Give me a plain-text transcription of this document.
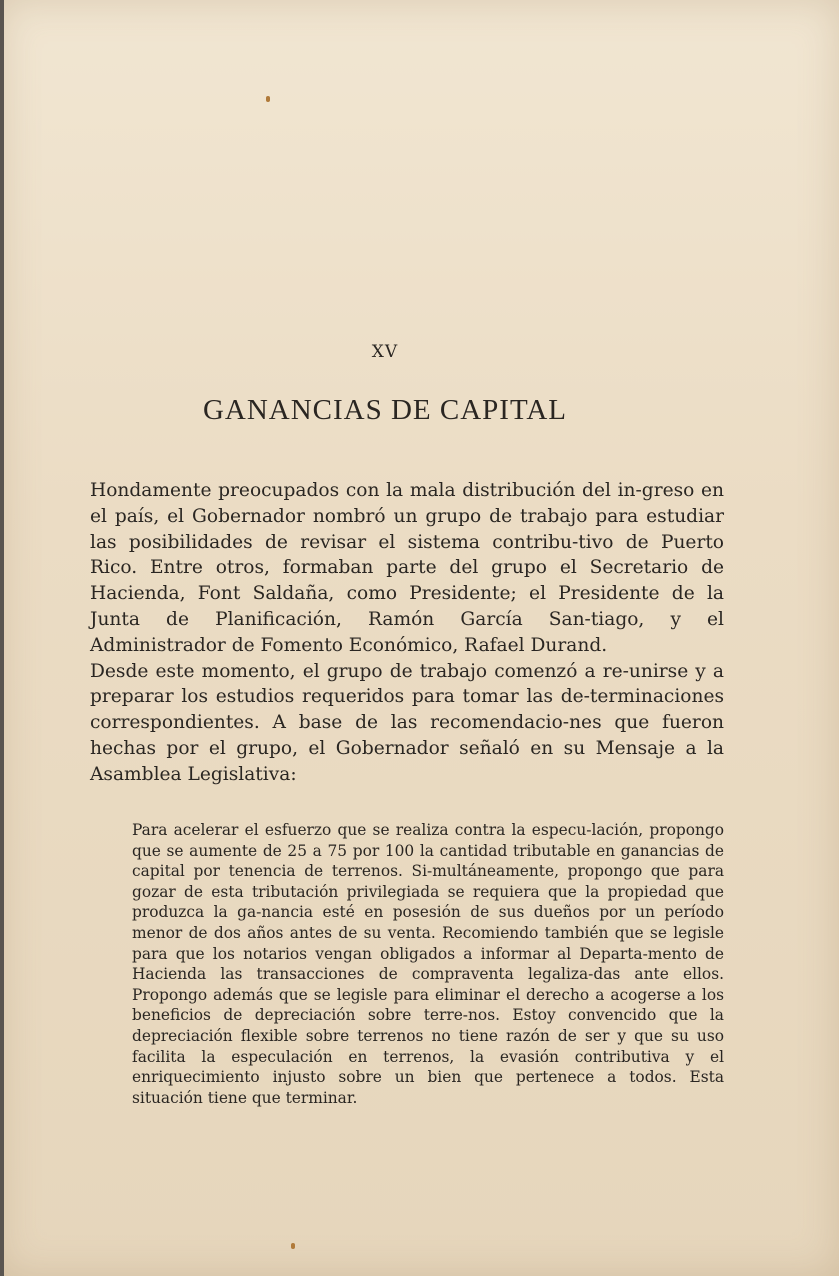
XV
GANANCIAS DE CAPITAL

Hondamente preocupados con la mala distribución del in-greso en el país, el Gobernador nombró un grupo de trabajo para estudiar las posibilidades de revisar el sistema contribu-tivo de Puerto Rico. Entre otros, formaban parte del grupo el Secretario de Hacienda, Font Saldaña, como Presidente; el Presidente de la Junta de Planificación, Ramón García San-tiago, y el Administrador de Fomento Económico, Rafael Durand.

Desde este momento, el grupo de trabajo comenzó a re-unirse y a preparar los estudios requeridos para tomar las de-terminaciones correspondientes. A base de las recomendacio-nes que fueron hechas por el grupo, el Gobernador señaló en su Mensaje a la Asamblea Legislativa:

Para acelerar el esfuerzo que se realiza contra la especu-lación, propongo que se aumente de 25 a 75 por 100 la cantidad tributable en ganancias de capital por tenencia de terrenos. Si-multáneamente, propongo que para gozar de esta tributación privilegiada se requiera que la propiedad que produzca la ga-nancia esté en posesión de sus dueños por un período menor de dos años antes de su venta. Recomiendo también que se legisle para que los notarios vengan obligados a informar al Departa-mento de Hacienda las transacciones de compraventa legaliza-das ante ellos. Propongo además que se legisle para eliminar el derecho a acogerse a los beneficios de depreciación sobre terre-nos. Estoy convencido que la depreciación flexible sobre terrenos no tiene razón de ser y que su uso facilita la especulación en terrenos, la evasión contributiva y el enriquecimiento injusto sobre un bien que pertenece a todos. Esta situación tiene que terminar.
